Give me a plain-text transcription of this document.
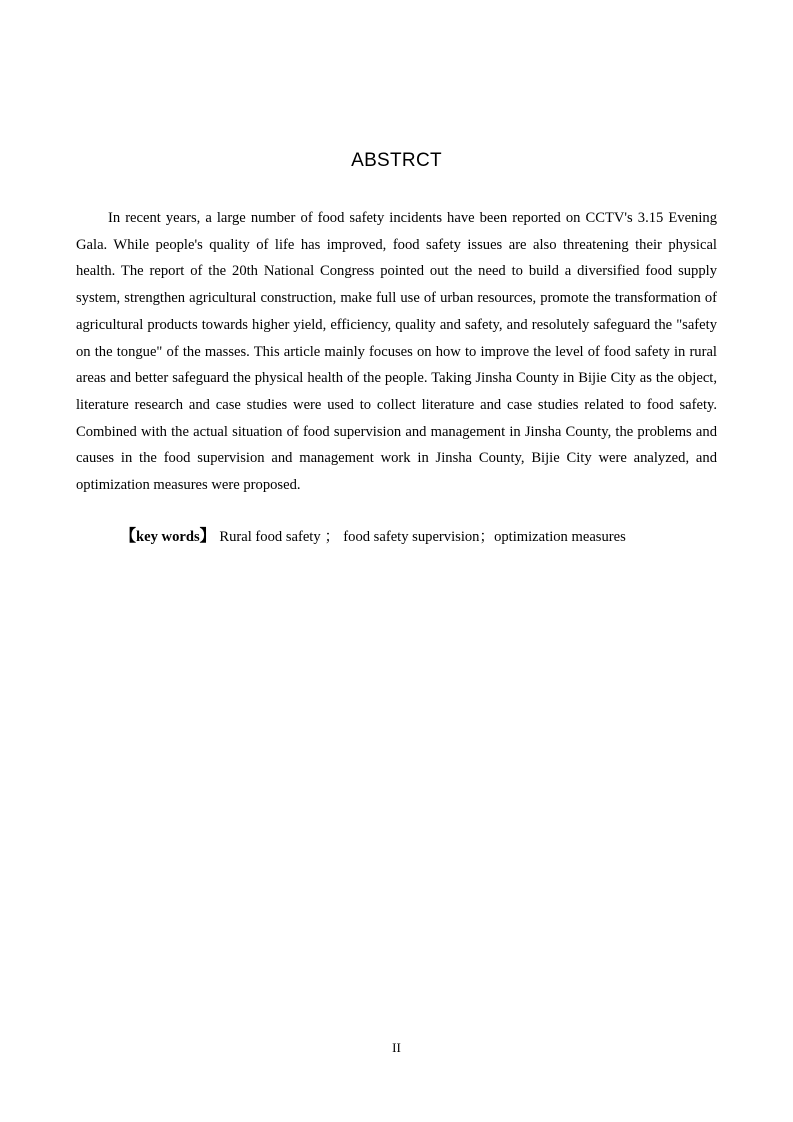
ABSTRCT

In recent years, a large number of food safety incidents have been reported on CCTV's 3.15 Evening Gala. While people's quality of life has improved, food safety issues are also threatening their physical health. The report of the 20th National Congress pointed out the need to build a diversified food supply system, strengthen agricultural construction, make full use of urban resources, promote the transformation of agricultural products towards higher yield, efficiency, quality and safety, and resolutely safeguard the "safety on the tongue" of the masses. This article mainly focuses on how to improve the level of food safety in rural areas and better safeguard the physical health of the people. Taking Jinsha County in Bijie City as the object, literature research and case studies were used to collect literature and case studies related to food safety. Combined with the actual situation of food supervision and management in Jinsha County, the problems and causes in the food supervision and management work in Jinsha County, Bijie City were analyzed, and optimization measures were proposed.

【key words】 Rural food safety ； food safety supervision；optimization measures

II
